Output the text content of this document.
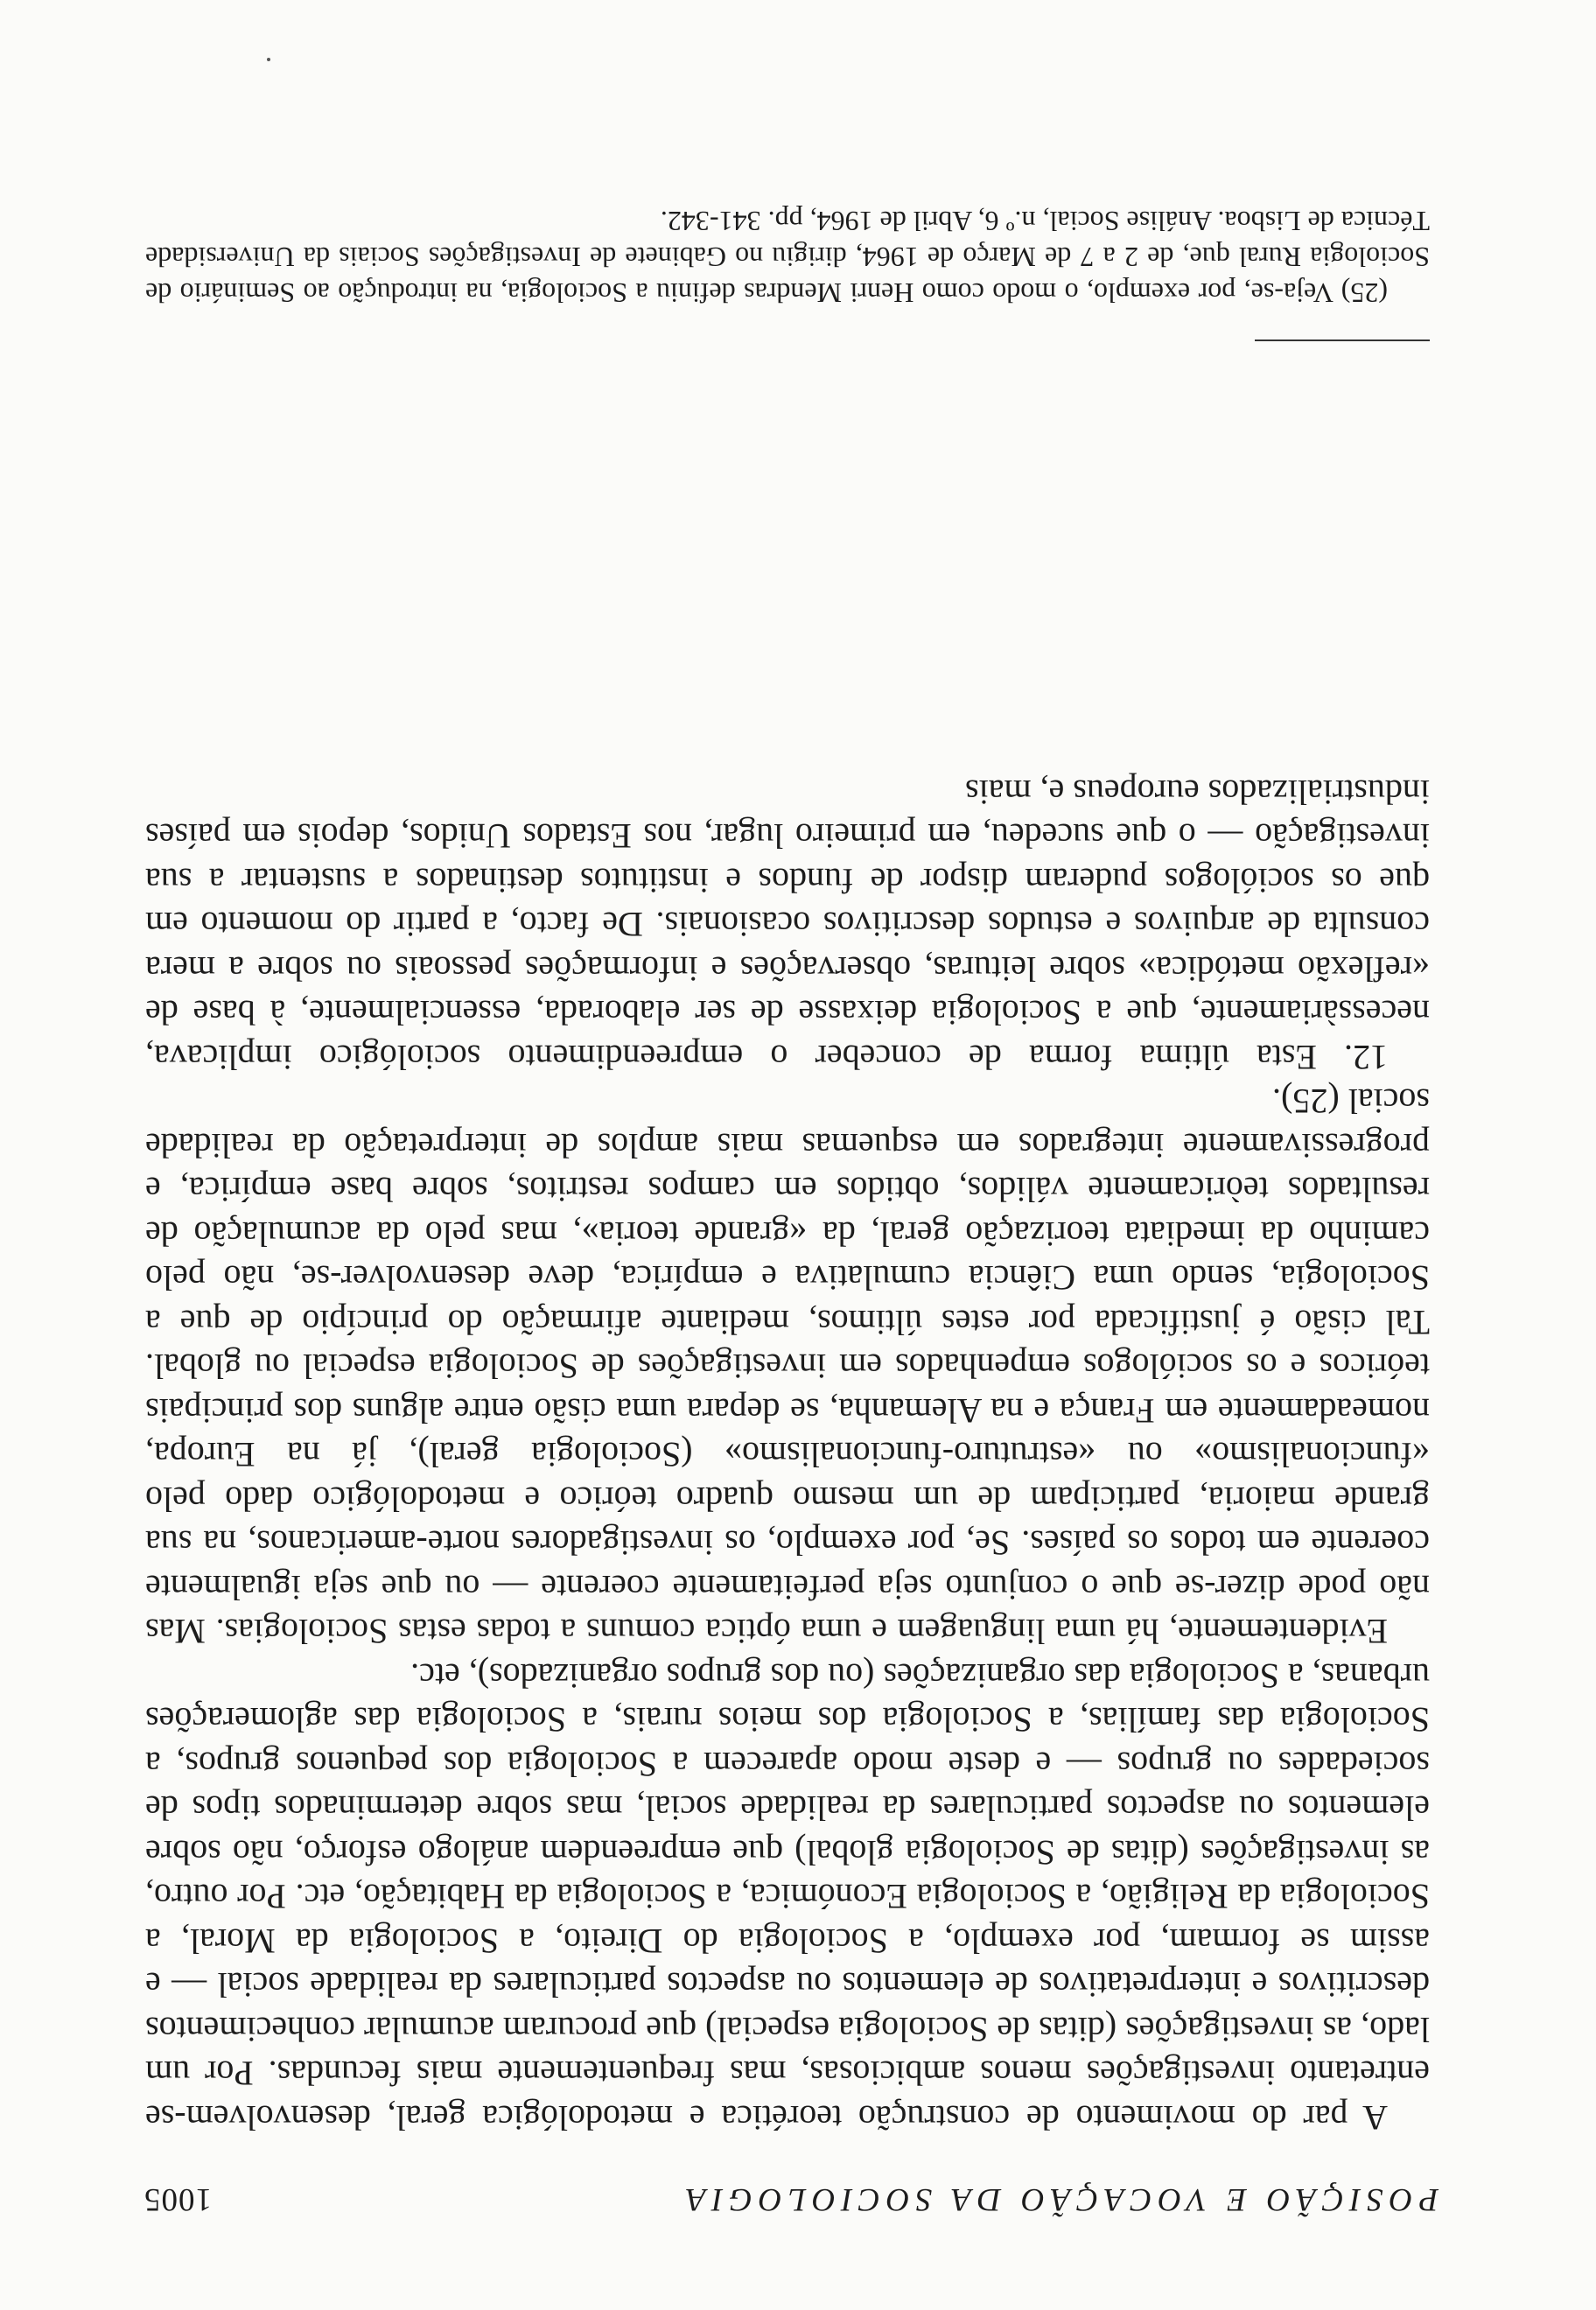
POSIÇÃO E VOCAÇÃO DA SOCIOLOGIA
1005

A par do movimento de construção teorética e metodológica geral, desenvolvem-se entretanto investigações menos ambiciosas, mas frequentemente mais fecundas. Por um lado, as investigações (ditas de Sociologia especial) que procuram acumular conhecimentos descritivos e interpretativos de elementos ou aspectos particulares da realidade social — e assim se formam, por exemplo, a Sociologia do Direito, a Sociologia da Moral, a Sociologia da Religião, a Sociologia Económica, a Sociologia da Habitação, etc. Por outro, as investigações (ditas de Sociologia global) que empreendem análogo esforço, não sobre elementos ou aspectos particulares da realidade social, mas sobre determinados tipos de sociedades ou grupos — e deste modo aparecem a Sociologia dos pequenos grupos, a Sociologia das famílias, a Sociologia dos meios rurais, a Sociologia das aglomerações urbanas, a Sociologia das organizações (ou dos grupos organizados), etc.

Evidentemente, há uma linguagem e uma óptica comuns a todas estas Sociologias. Mas não pode dizer-se que o conjunto seja perfeitamente coerente — ou que seja igualmente coerente em todos os países. Se, por exemplo, os investigadores norte-americanos, na sua grande maioria, participam de um mesmo quadro teórico e metodológico dado pelo «funcionalismo» ou «estruturo-funcionalismo» (Sociologia geral), já na Europa, nomeadamente em França e na Alemanha, se depara uma cisão entre alguns dos principais teóricos e os sociólogos empenhados em investigações de Sociologia especial ou global. Tal cisão é justificada por estes últimos, mediante afirmação do princípio de que a Sociologia, sendo uma Ciência cumulativa e empírica, deve desenvolver-se, não pelo caminho da imediata teorização geral, da «grande teoria», mas pelo da acumulação de resultados teòricamente válidos, obtidos em campos restritos, sobre base empírica, e progressivamente integrados em esquemas mais amplos de interpretação da realidade social (25).

12. Esta última forma de conceber o empreendimento sociológico implicava, necessàriamente, que a Sociologia deixasse de ser elaborada, essencialmente, à base de «reflexão metódica» sobre leituras, observações e informações pessoais ou sobre a mera consulta de arquivos e estudos descritivos ocasionais. De facto, a partir do momento em que os sociólogos puderam dispor de fundos e institutos destinados a sustentar a sua investigação — o que sucedeu, em primeiro lugar, nos Estados Unidos, depois em países industrializados europeus e, mais

(25) Veja-se, por exemplo, o modo como Henri Mendras definiu a Sociologia, na introdução ao Seminário de Sociologia Rural que, de 2 a 7 de Março de 1964, dirigiu no Gabinete de Investigações Sociais da Universidade Técnica de Lisboa. Análise Social, n.º 6, Abril de 1964, pp. 341-342.
